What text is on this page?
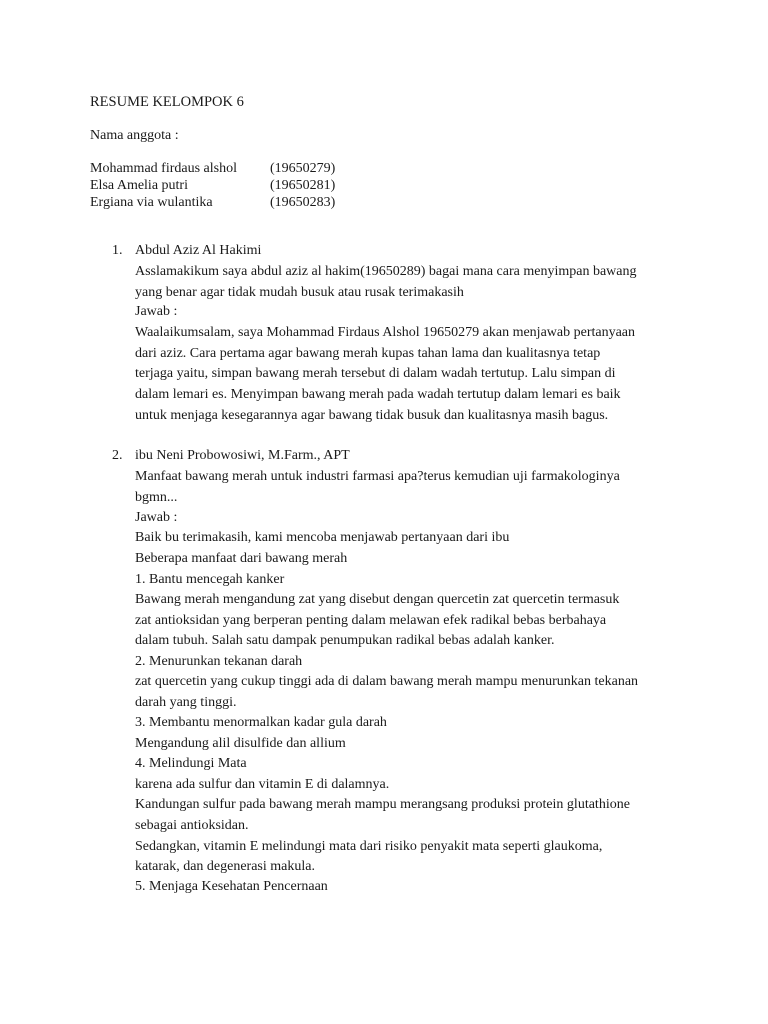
RESUME KELOMPOK 6
Nama anggota :
Mohammad firdaus alshol (19650279)
Elsa Amelia putri	(19650281)
Ergiana via wulantika	(19650283)
1. Abdul Aziz Al Hakimi
Asslamakikum saya abdul aziz al hakim(19650289) bagai mana cara menyimpan bawang
yang benar agar tidak mudah busuk atau rusak terimakasih
Jawab :
Waalaikumsalam, saya Mohammad Firdaus Alshol 19650279 akan menjawab pertanyaan
dari aziz. Cara pertama agar bawang merah kupas tahan lama dan kualitasnya tetap
terjaga yaitu, simpan bawang merah tersebut di dalam wadah tertutup. Lalu simpan di
dalam lemari es. Menyimpan bawang merah pada wadah tertutup dalam lemari es baik
untuk menjaga kesegarannya agar bawang tidak busuk dan kualitasnya masih bagus.
2. ibu Neni Probowosiwi, M.Farm., APT
Manfaat bawang merah untuk industri farmasi apa?terus kemudian uji farmakologinya
bgmn...
Jawab :
Baik bu terimakasih, kami mencoba menjawab pertanyaan dari ibu
Beberapa manfaat dari bawang merah
1. Bantu mencegah kanker
Bawang merah mengandung zat yang disebut dengan quercetin zat quercetin termasuk
zat antioksidan yang berperan penting dalam melawan efek radikal bebas berbahaya
dalam tubuh. Salah satu dampak penumpukan radikal bebas adalah kanker.
2. Menurunkan tekanan darah
zat quercetin yang cukup tinggi ada di dalam bawang merah mampu menurunkan tekanan
darah yang tinggi.
3. Membantu menormalkan kadar gula darah
Mengandung alil disulfide dan allium
4. Melindungi Mata
karena ada sulfur dan vitamin E di dalamnya.
Kandungan sulfur pada bawang merah mampu merangsang produksi protein glutathione
sebagai antioksidan.
Sedangkan, vitamin E melindungi mata dari risiko penyakit mata seperti glaukoma,
katarak, dan degenerasi makula.
5. Menjaga Kesehatan Pencernaan
